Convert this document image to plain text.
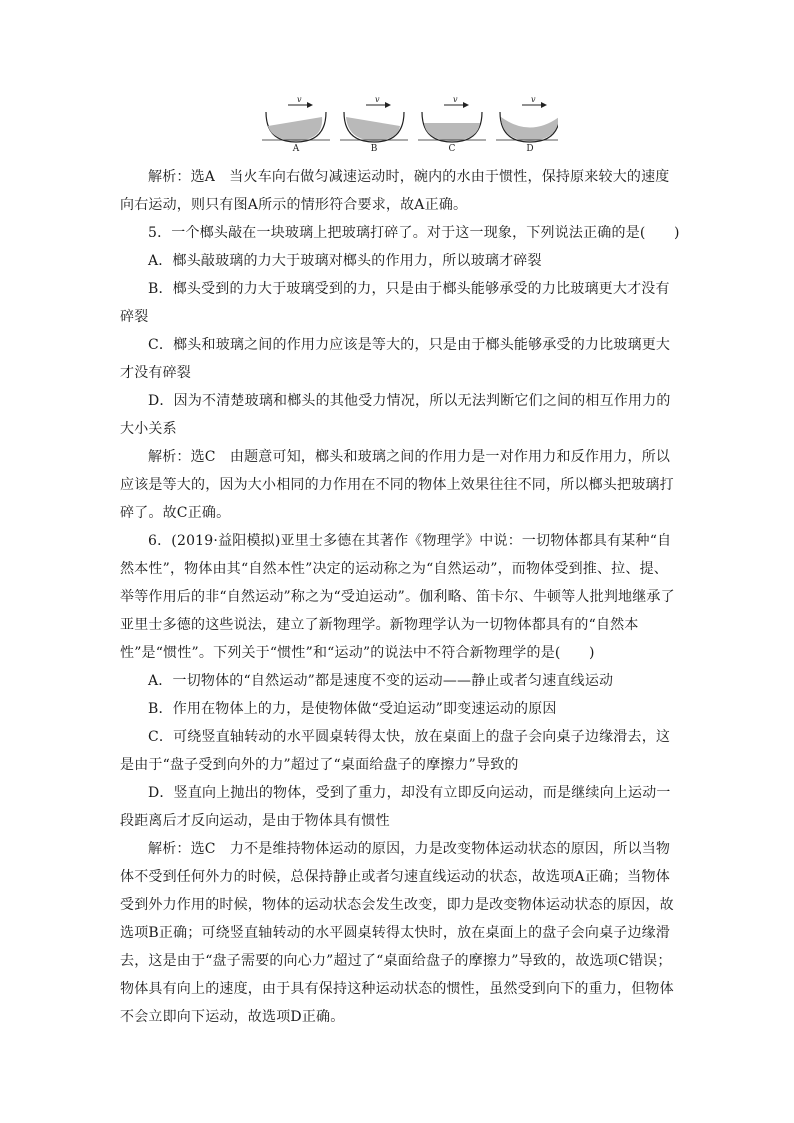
v	v	v	v
A	B	C	D

解析：选A　当火车向右做匀减速运动时，碗内的水由于惯性，保持原来较大的速度向右运动，则只有图A所示的情形符合要求，故A正确。

5．一个榔头敲在一块玻璃上把玻璃打碎了。对于这一现象，下列说法正确的是(　　)

A．榔头敲玻璃的力大于玻璃对榔头的作用力，所以玻璃才碎裂

B．榔头受到的力大于玻璃受到的力，只是由于榔头能够承受的力比玻璃更大才没有碎裂

C．榔头和玻璃之间的作用力应该是等大的，只是由于榔头能够承受的力比玻璃更大才没有碎裂

D．因为不清楚玻璃和榔头的其他受力情况，所以无法判断它们之间的相互作用力的大小关系

解析：选C　由题意可知，榔头和玻璃之间的作用力是一对作用力和反作用力，所以应该是等大的，因为大小相同的力作用在不同的物体上效果往往不同，所以榔头把玻璃打碎了。故C正确。

6．(2019·益阳模拟)亚里士多德在其著作《物理学》中说：一切物体都具有某种“自然本性”，物体由其“自然本性”决定的运动称之为“自然运动”，而物体受到推、拉、提、举等作用后的非“自然运动”称之为“受迫运动”。伽利略、笛卡尔、牛顿等人批判地继承了亚里士多德的这些说法，建立了新物理学。新物理学认为一切物体都具有的“自然本性”是“惯性”。下列关于“惯性”和“运动”的说法中不符合新物理学的是(　　)

A．一切物体的“自然运动”都是速度不变的运动——静止或者匀速直线运动

B．作用在物体上的力，是使物体做“受迫运动”即变速运动的原因

C．可绕竖直轴转动的水平圆桌转得太快，放在桌面上的盘子会向桌子边缘滑去，这是由于“盘子受到向外的力”超过了“桌面给盘子的摩擦力”导致的

D．竖直向上抛出的物体，受到了重力，却没有立即反向运动，而是继续向上运动一段距离后才反向运动，是由于物体具有惯性

解析：选C　力不是维持物体运动的原因，力是改变物体运动状态的原因，所以当物体不受到任何外力的时候，总保持静止或者匀速直线运动的状态，故选项A正确；当物体受到外力作用的时候，物体的运动状态会发生改变，即力是改变物体运动状态的原因，故选项B正确；可绕竖直轴转动的水平圆桌转得太快时，放在桌面上的盘子会向桌子边缘滑去，这是由于“盘子需要的向心力”超过了“桌面给盘子的摩擦力”导致的，故选项C错误；物体具有向上的速度，由于具有保持这种运动状态的惯性，虽然受到向下的重力，但物体不会立即向下运动，故选项D正确。
